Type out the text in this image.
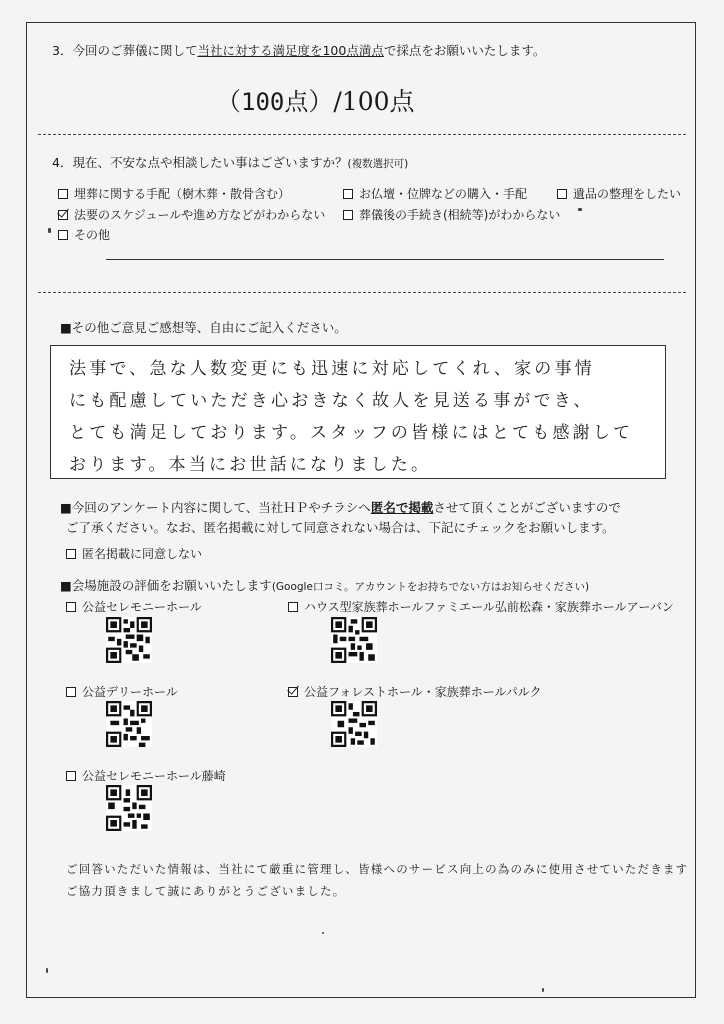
3．今回のご葬儀に関して当社に対する満足度を100点満点で採点をお願いいたします。
（100点）/100点
4．現在、不安な点や相談したい事はございますか？(複数選択可)
埋葬に関する手配（樹木葬・散骨含む）	お仏壇・位牌などの購入・手配	遺品の整理をしたい
法要のスケジュールや進め方などがわからない	葬儀後の手続き(相続等)がわからない
その他
■その他ご意見ご感想等、自由にご記入ください。
法事で、急な人数変更にも迅速に対応してくれ、家の事情
にも配慮していただき心おきなく故人を見送る事ができ、
とても満足しております。スタッフの皆様にはとても感謝して
おります。本当にお世話になりました。
■今回のアンケート内容に関して、当社ＨＰやチラシへ匿名で掲載させて頂くことがございますので
ご了承ください。なお、匿名掲載に対して同意されない場合は、下記にチェックをお願いします。
匿名掲載に同意しない
■会場施設の評価をお願いいたします(Google口コミ。アカウントをお持ちでない方はお知らせください)
公益セレモニーホール	ハウス型家族葬ホールファミエール弘前松森・家族葬ホールアーバン
公益デリーホール	公益フォレストホール・家族葬ホールパルク
公益セレモニーホール藤崎
ご回答いただいた情報は、当社にて厳重に管理し、皆様へのサービス向上の為のみに使用させていただきます
ご協力頂きまして誠にありがとうございました。
